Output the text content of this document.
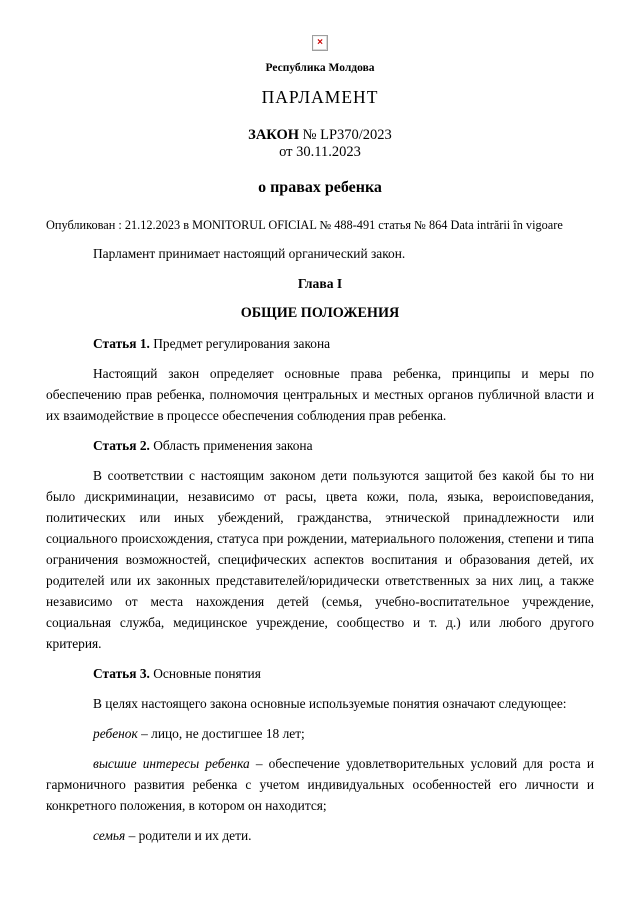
×
Республика Молдова
ПАРЛАМЕНТ
ЗАКОН № LP370/2023
от 30.11.2023
о правах ребенка
Опубликован : 21.12.2023 в MONITORUL OFICIAL № 488-491 статья № 864 Data intrării în vigoare

Парламент принимает настоящий органический закон.

Глава I
ОБЩИЕ ПОЛОЖЕНИЯ

Статья 1. Предмет регулирования закона

Настоящий закон определяет основные права ребенка, принципы и меры по обеспечению прав ребенка, полномочия центральных и местных органов публичной власти и их взаимодействие в процессе обеспечения соблюдения прав ребенка.

Статья 2. Область применения закона

В соответствии с настоящим законом дети пользуются защитой без какой бы то ни было дискриминации, независимо от расы, цвета кожи, пола, языка, вероисповедания, политических или иных убеждений, гражданства, этнической принадлежности или социального происхождения, статуса при рождении, материального положения, степени и типа ограничения возможностей, специфических аспектов воспитания и образования детей, их родителей или их законных представителей/юридически ответственных за них лиц, а также независимо от места нахождения детей (семья, учебно-воспитательное учреждение, социальная служба, медицинское учреждение, сообщество и т. д.) или любого другого критерия.

Статья 3. Основные понятия

В целях настоящего закона основные используемые понятия означают следующее:

ребенок – лицо, не достигшее 18 лет;

высшие интересы ребенка – обеспечение удовлетворительных условий для роста и гармоничного развития ребенка с учетом индивидуальных особенностей его личности и конкретного положения, в котором он находится;

семья – родители и их дети.
